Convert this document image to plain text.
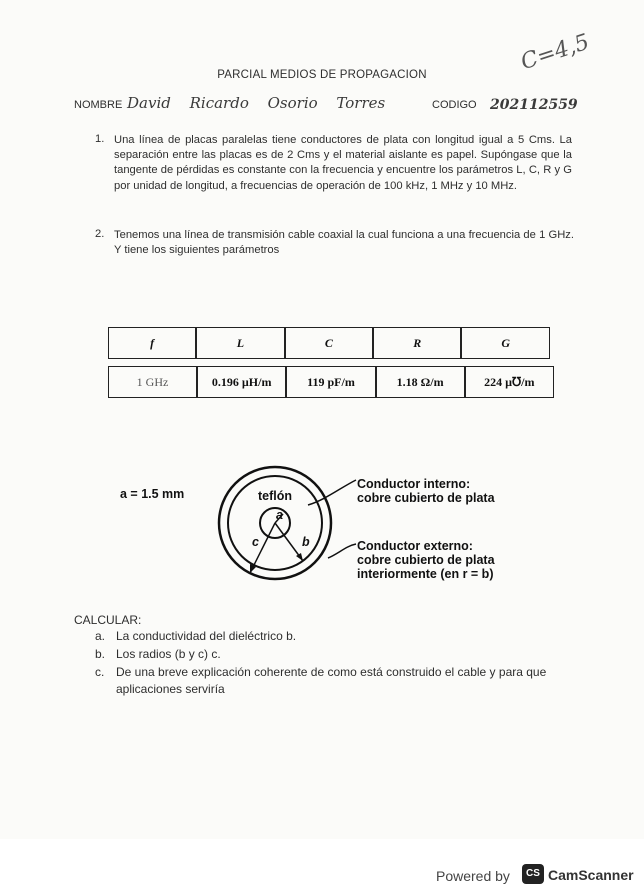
PARCIAL MEDIOS DE PROPAGACION	C=4,5
NOMBRE David Ricardo Osorio Torres	CODIGO 202112559
1. Una línea de placas paralelas tiene conductores de plata con longitud igual a 5 Cms. La separación entre las placas es de 2 Cms y el material aislante es papel. Supóngase que la tangente de pérdidas es constante con la frecuencia y encuentre los parámetros L, C, R y G por unidad de longitud, a frecuencias de operación de 100 kHz, 1 MHz y 10 MHz.
2. Tenemos una línea de transmisión cable coaxial la cual funciona a una frecuencia de 1 GHz. Y tiene los siguientes parámetros
f	L	C	R	G
1 GHz	0.196 µH/m	119 pF/m	1.18 Ω/m	224 µ℧/m
a = 1.5 mm	teflón
a
b
c
Conductor interno:
cobre cubierto de plata
Conductor externo:
cobre cubierto de plata
interiormente (en r = b)
CALCULAR:
a. La conductividad del dieléctrico b.
b. Los radios (b y c) c.
c. De una breve explicación coherente de como está construido el cable y para que aplicaciones serviría
Powered by	CS CamScanner
